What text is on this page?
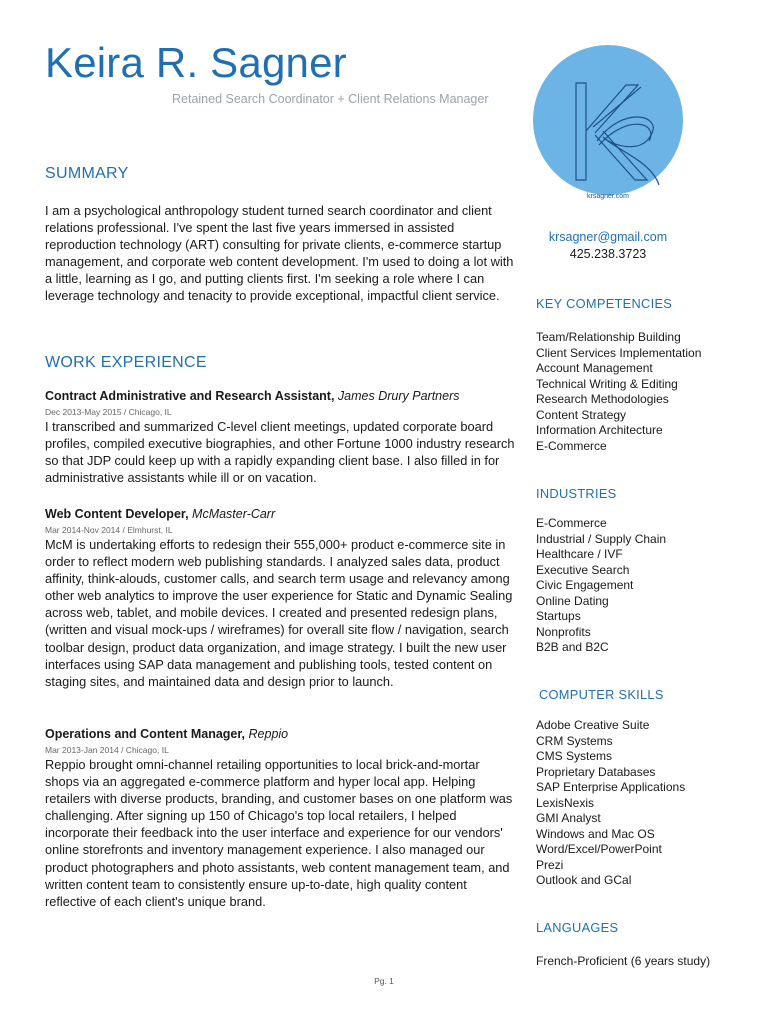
Keira R. Sagner
Retained Search Coordinator + Client Relations Manager
krsagner.com
krsagner@gmail.com
425.238.3723
SUMMARY

I am a psychological anthropology student turned search coordinator and client relations professional. I've spent the last five years immersed in assisted reproduction technology (ART) consulting for private clients, e-commerce startup management, and corporate web content development. I'm used to doing a lot with a little, learning as I go, and putting clients first. I'm seeking a role where I can leverage technology and tenacity to provide exceptional, impactful client service.

WORK EXPERIENCE
Contract Administrative and Research Assistant, James Drury Partners
Dec 2013-May 2015 / Chicago, IL

I transcribed and summarized C-level client meetings, updated corporate board profiles, compiled executive biographies, and other Fortune 1000 industry research so that JDP could keep up with a rapidly expanding client base. I also filled in for administrative assistants while ill or on vacation.

Web Content Developer, McMaster-Carr
Mar 2014-Nov 2014 / Elmhurst, IL

McM is undertaking efforts to redesign their 555,000+ product e-commerce site in order to reflect modern web publishing standards. I analyzed sales data, product affinity, think-alouds, customer calls, and search term usage and relevancy among other web analytics to improve the user experience for Static and Dynamic Sealing across web, tablet, and mobile devices. I created and presented redesign plans, (written and visual mock-ups / wireframes) for overall site flow / navigation, search toolbar design, product data organization, and image strategy. I built the new user interfaces using SAP data management and publishing tools, tested content on staging sites, and maintained data and design prior to launch.

Operations and Content Manager, Reppio
Mar 2013-Jan 2014 / Chicago, IL

Reppio brought omni-channel retailing opportunities to local brick-and-mortar shops via an aggregated e-commerce platform and hyper local app. Helping retailers with diverse products, branding, and customer bases on one platform was challenging. After signing up 150 of Chicago's top local retailers, I helped incorporate their feedback into the user interface and experience for our vendors' online storefronts and inventory management experience. I also managed our product photographers and photo assistants, web content management team, and written content team to consistently ensure up-to-date, high quality content reflective of each client's unique brand.

KEY COMPETENCIES
Team/Relationship Building
Client Services Implementation
Account Management
Technical Writing & Editing
Research Methodologies
Content Strategy
Information Architecture
E-Commerce
INDUSTRIES
E-Commerce
Industrial / Supply Chain
Healthcare / IVF
Executive Search
Civic Engagement
Online Dating
Startups
Nonprofits
B2B and B2C
COMPUTER SKILLS
Adobe Creative Suite
CRM Systems
CMS Systems
Proprietary Databases
SAP Enterprise Applications
LexisNexis
GMI Analyst
Windows and Mac OS
Word/Excel/PowerPoint
Prezi
Outlook and GCal
LANGUAGES
French-Proficient (6 years study)
Pg. 1
